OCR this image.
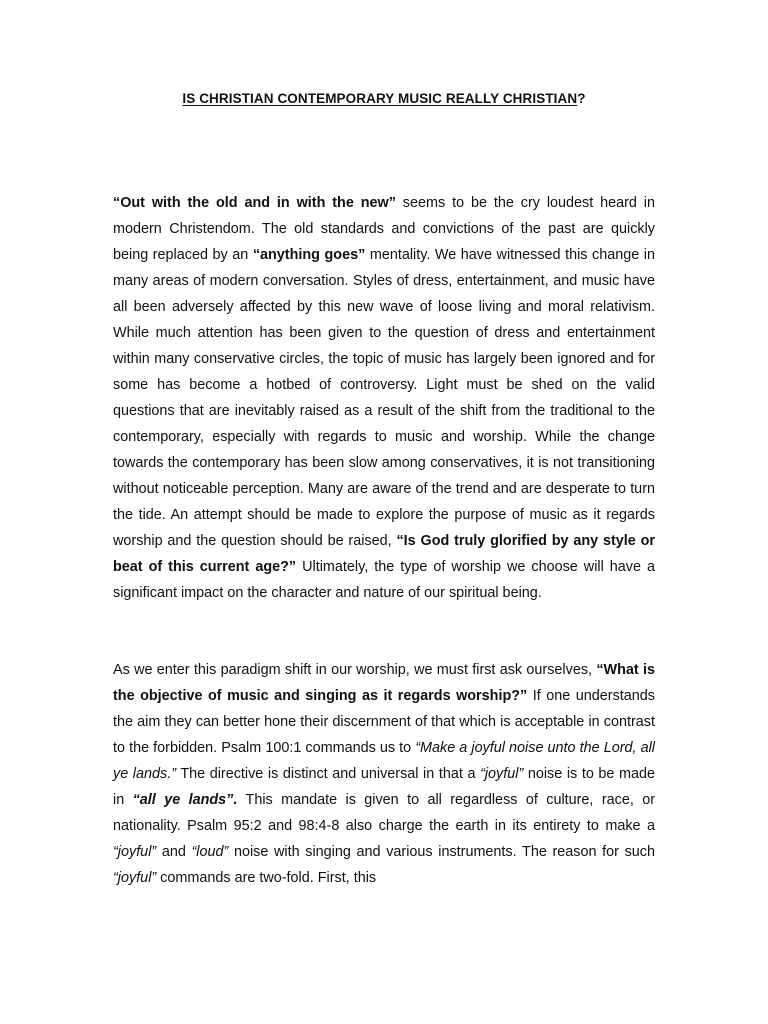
IS CHRISTIAN CONTEMPORARY MUSIC REALLY CHRISTIAN?

“Out with the old and in with the new” seems to be the cry loudest heard in modern Christendom. The old standards and convictions of the past are quickly being replaced by an “anything goes” mentality. We have witnessed this change in many areas of modern conversation. Styles of dress, entertainment, and music have all been adversely affected by this new wave of loose living and moral relativism. While much attention has been given to the question of dress and entertainment within many conservative circles, the topic of music has largely been ignored and for some has become a hotbed of controversy. Light must be shed on the valid questions that are inevitably raised as a result of the shift from the traditional to the contemporary, especially with regards to music and worship. While the change towards the contemporary has been slow among conservatives, it is not transitioning without noticeable perception. Many are aware of the trend and are desperate to turn the tide. An attempt should be made to explore the purpose of music as it regards worship and the question should be raised, “Is God truly glorified by any style or beat of this current age?” Ultimately, the type of worship we choose will have a significant impact on the character and nature of our spiritual being.

As we enter this paradigm shift in our worship, we must first ask ourselves, “What is the objective of music and singing as it regards worship?” If one understands the aim they can better hone their discernment of that which is acceptable in contrast to the forbidden. Psalm 100:1 commands us to “Make a joyful noise unto the Lord, all ye lands.” The directive is distinct and universal in that a “joyful” noise is to be made in “all ye lands”. This mandate is given to all regardless of culture, race, or nationality. Psalm 95:2 and 98:4-8 also charge the earth in its entirety to make a “joyful” and “loud” noise with singing and various instruments. The reason for such “joyful” commands are two-fold. First, this
